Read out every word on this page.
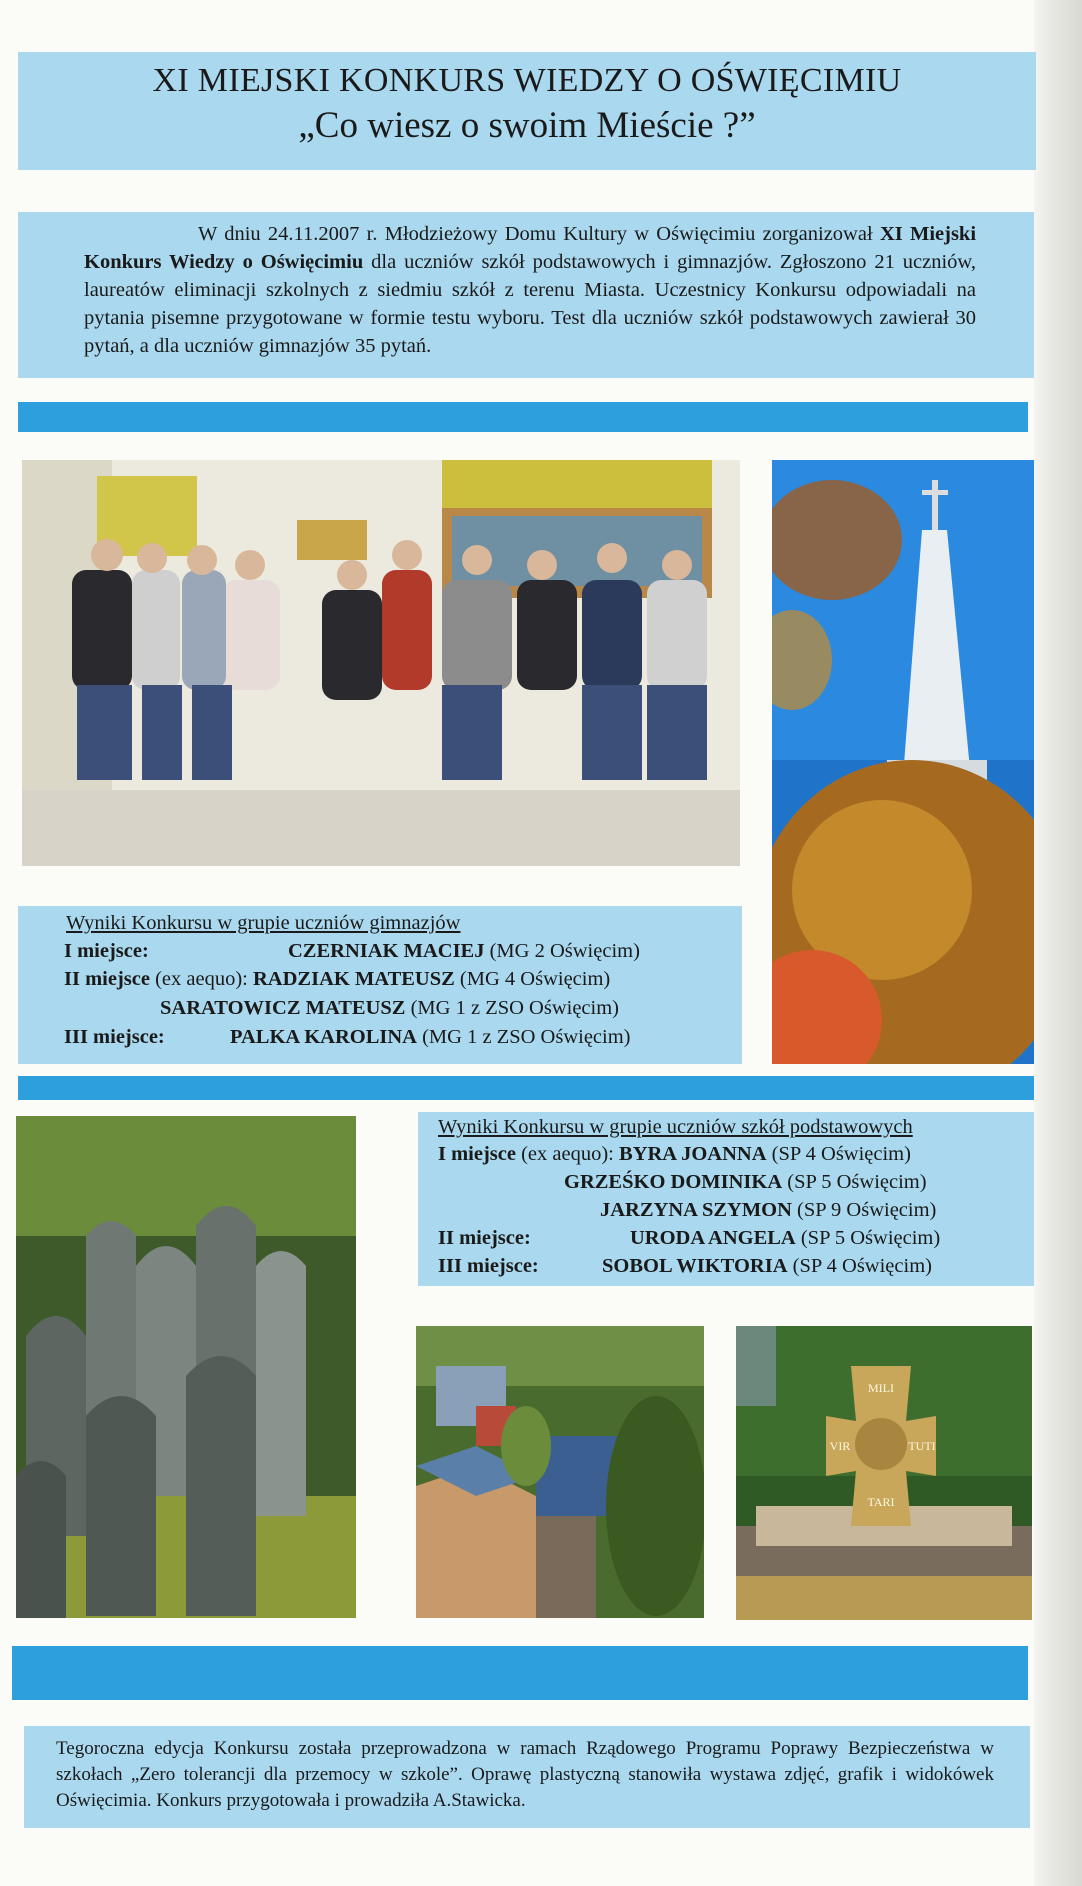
XI MIEJSKI KONKURS WIEDZY O OŚWIĘCIMIU
„Co wiesz o swoim Mieście ?”

W dniu 24.11.2007 r. Młodzieżowy Domu Kultury w Oświęcimiu zorganizował XI Miejski Konkurs Wiedzy o Oświęcimiu dla uczniów szkół podstawowych i gimnazjów. Zgłoszono 21 uczniów, laureatów eliminacji szkolnych z siedmiu szkół z terenu Miasta. Uczestnicy Konkursu odpowiadali na pytania pisemne przygotowane w formie testu wyboru. Test dla uczniów szkół podstawowych zawierał 30 pytań, a dla uczniów gimnazjów 35 pytań.

Wyniki Konkursu w grupie uczniów gimnazjów
I miejsce:	CZERNIAK MACIEJ (MG 2 Oświęcim)
II miejsce (ex aequo): RADZIAK MATEUSZ (MG 4 Oświęcim)
SARATOWICZ MATEUSZ (MG 1 z ZSO Oświęcim)
III miejsce:	PALKA KAROLINA (MG 1 z ZSO Oświęcim)
Wyniki Konkursu w grupie uczniów szkół podstawowych
I miejsce (ex aequo): BYRA JOANNA (SP 4 Oświęcim)
GRZEŚKO DOMINIKA (SP 5 Oświęcim)
JARZYNA SZYMON (SP 9 Oświęcim)
II miejsce:	URODA ANGELA (SP 5 Oświęcim)
III miejsce:	SOBOL WIKTORIA (SP 4 Oświęcim)
MILI
VIR	TUTI
TARI

Tegoroczna edycja Konkursu została przeprowadzona w ramach Rządowego Programu Poprawy Bezpieczeństwa w szkołach „Zero tolerancji dla przemocy w szkole”. Oprawę plastyczną stanowiła wystawa zdjęć, grafik i widokówek Oświęcimia. Konkurs przygotowała i prowadziła A.Stawicka.
